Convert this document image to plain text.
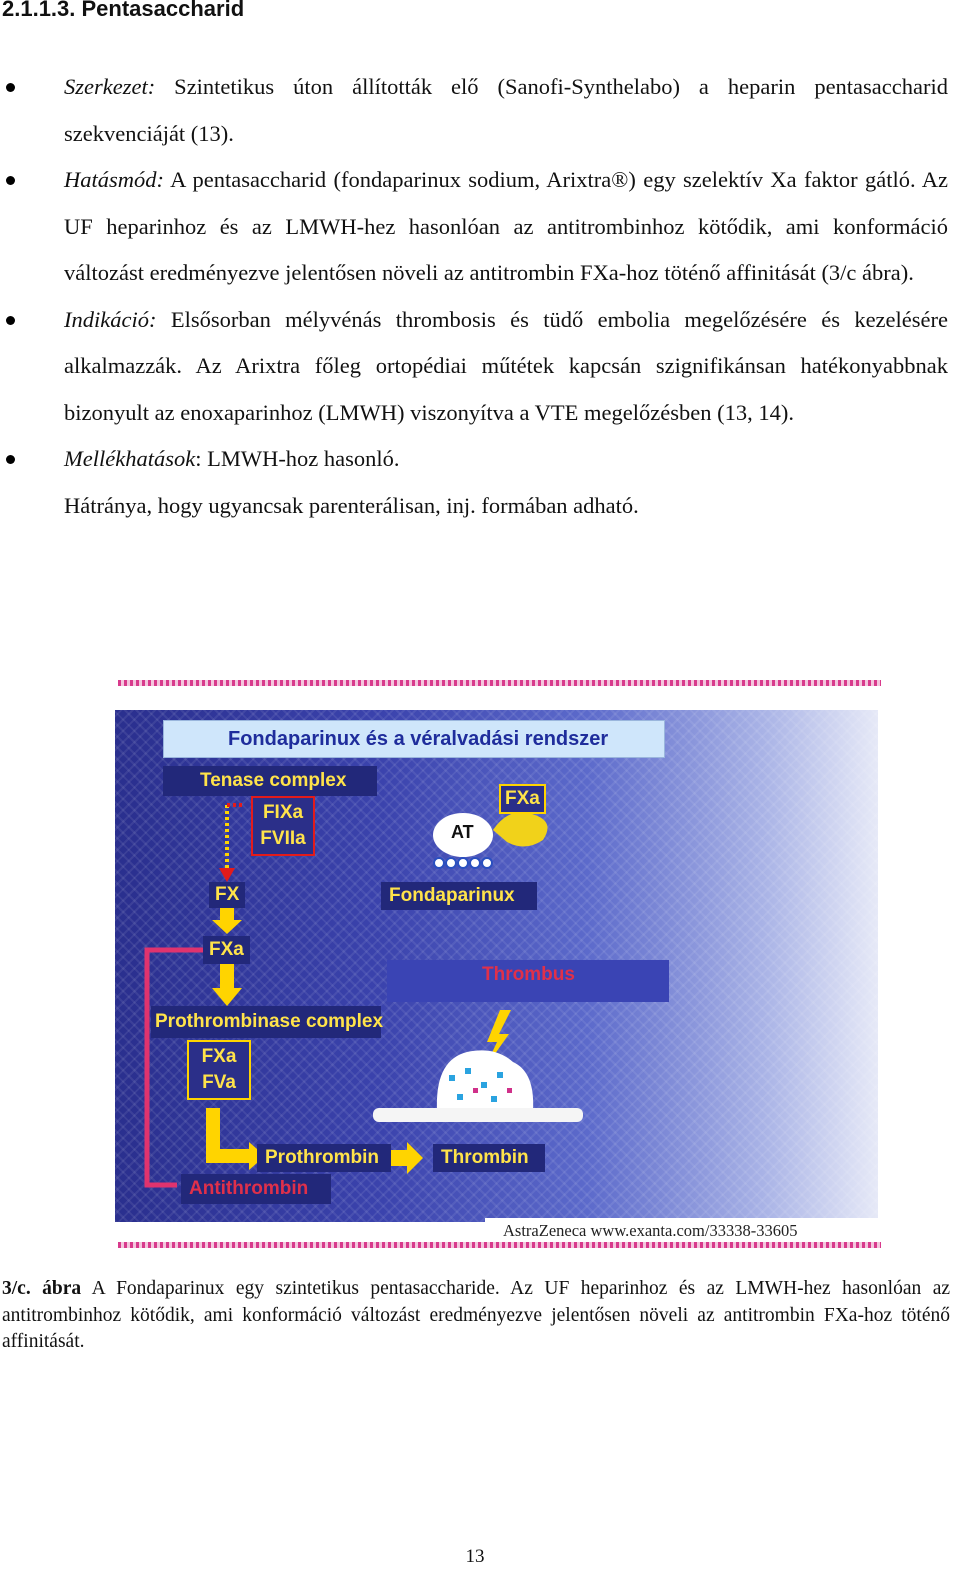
2.1.1.3. Pentasaccharid
Szerkezet: Szintetikus úton állították elő (Sanofi-Synthelabo) a heparin pentasaccharid szekvenciáját (13).
Hatásmód: A pentasaccharid (fondaparinux sodium, Arixtra®) egy szelektív Xa faktor gátló. Az UF heparinhoz és az LMWH-hez hasonlóan az antitrombinhoz kötődik, ami konformáció változást eredményezve jelentősen növeli az antitrombin FXa-hoz töténő affinitását (3/c ábra).
Indikáció: Elsősorban mélyvénás thrombosis és tüdő embolia megelőzésére és kezelésére alkalmazzák. Az Arixtra főleg ortopédiai műtétek kapcsán szignifikánsan hatékonyabbnak bizonyult az enoxaparinhoz (LMWH) viszonyítva a VTE megelőzésben (13, 14).
Mellékhatások: LMWH-hoz hasonló.
Hátránya, hogy ugyancsak parenterálisan, inj. formában adható.
Fondaparinux és a véralvadási rendszer
Tenase complex
FIXa
FVIIa	AT
FXa
Fondaparinux
FX
FXa
Thrombus
Prothrombinase complex
FXa
FVa
Prothrombin	Thrombin
Antithrombin
AstraZeneca www.exanta.com/33338-33605
3/c. ábra A Fondaparinux egy szintetikus pentasaccharide. Az UF heparinhoz és az LMWH-hez hasonlóan az antitrombinhoz kötődik, ami konformáció változást eredményezve jelentősen növeli az antitrombin FXa-hoz töténő affinitását.
13
